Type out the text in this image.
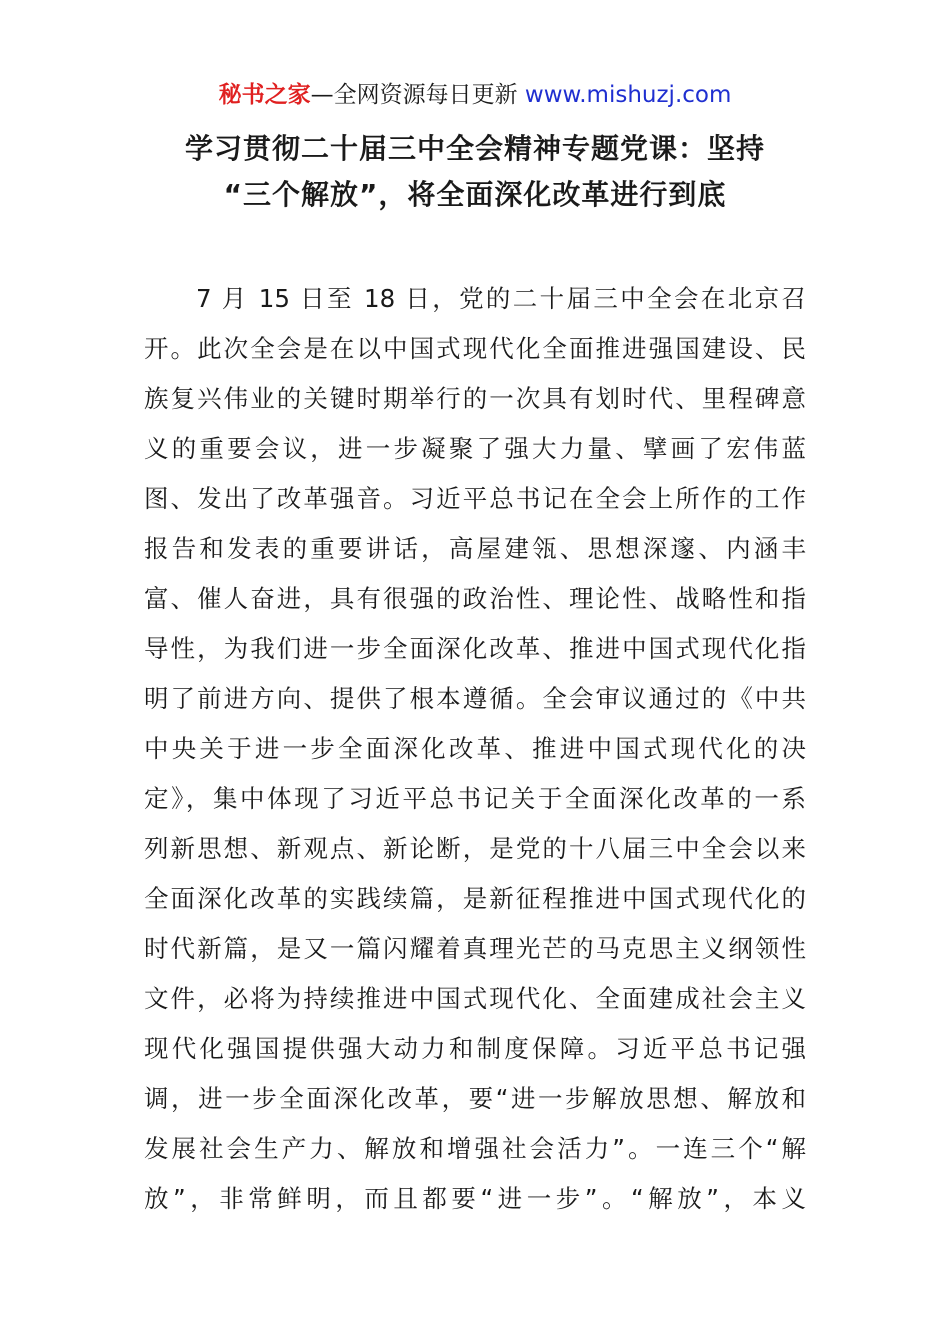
秘书之家—全网资源每日更新 www.mishuzj.com
学习贯彻二十届三中全会精神专题党课：坚持
“三个解放”，将全面深化改革进行到底
7 月 15 日至 18 日，党的二十届三中全会在北京召
开。此次全会是在以中国式现代化全面推进强国建设、民
族复兴伟业的关键时期举行的一次具有划时代、里程碑意
义的重要会议，进一步凝聚了强大力量、擘画了宏伟蓝
图、发出了改革强音。习近平总书记在全会上所作的工作
报告和发表的重要讲话，高屋建瓴、思想深邃、内涵丰
富、催人奋进，具有很强的政治性、理论性、战略性和指
导性，为我们进一步全面深化改革、推进中国式现代化指
明了前进方向、提供了根本遵循。全会审议通过的《中共
中央关于进一步全面深化改革、推进中国式现代化的决
定》，集中体现了习近平总书记关于全面深化改革的一系
列新思想、新观点、新论断，是党的十八届三中全会以来
全面深化改革的实践续篇，是新征程推进中国式现代化的
时代新篇，是又一篇闪耀着真理光芒的马克思主义纲领性
文件，必将为持续推进中国式现代化、全面建成社会主义
现代化强国提供强大动力和制度保障。习近平总书记强
调，进一步全面深化改革，要“进一步解放思想、解放和
发展社会生产力、解放和增强社会活力”。一连三个“解
放”，非常鲜明，而且都要“进一步”。“解放”，本义
